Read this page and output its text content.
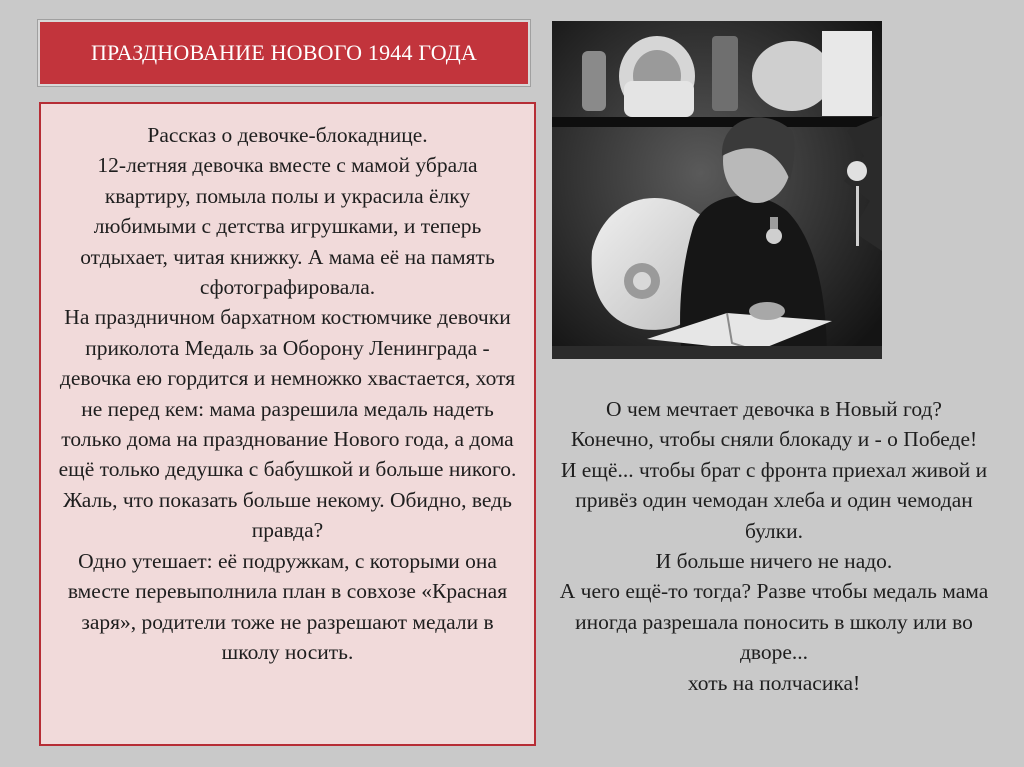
ПРАЗДНОВАНИЕ НОВОГО 1944 ГОДА

Рассказ о девочке-блокаднице.
12-летняя девочка вместе с мамой убрала квартиру, помыла полы и украсила ёлку любимыми с детства игрушками, и теперь отдыхает, читая книжку. А мама её на память сфотографировала.

На праздничном бархатном костюмчике девочки приколота Медаль за Оборону Ленинграда - девочка ею гордится и немножко хвастается, хотя не перед кем: мама разрешила медаль надеть только дома на празднование Нового года, а дома ещё только дедушка с бабушкой и больше никого. Жаль, что показать больше некому. Обидно, ведь правда?

Одно утешает: её подружкам, с которыми она вместе перевыполнила план в совхозе «Красная заря», родители тоже не разрешают медали в школу носить.

О чем мечтает девочка в Новый год?
Конечно, чтобы сняли блокаду и - о Победе!

И ещё... чтобы брат с фронта приехал живой и привёз один чемодан хлеба и один чемодан булки.

И больше ничего не надо.

А чего ещё-то тогда? Разве чтобы медаль мама иногда разрешала поносить в школу или во дворе...
хоть на полчасика!
